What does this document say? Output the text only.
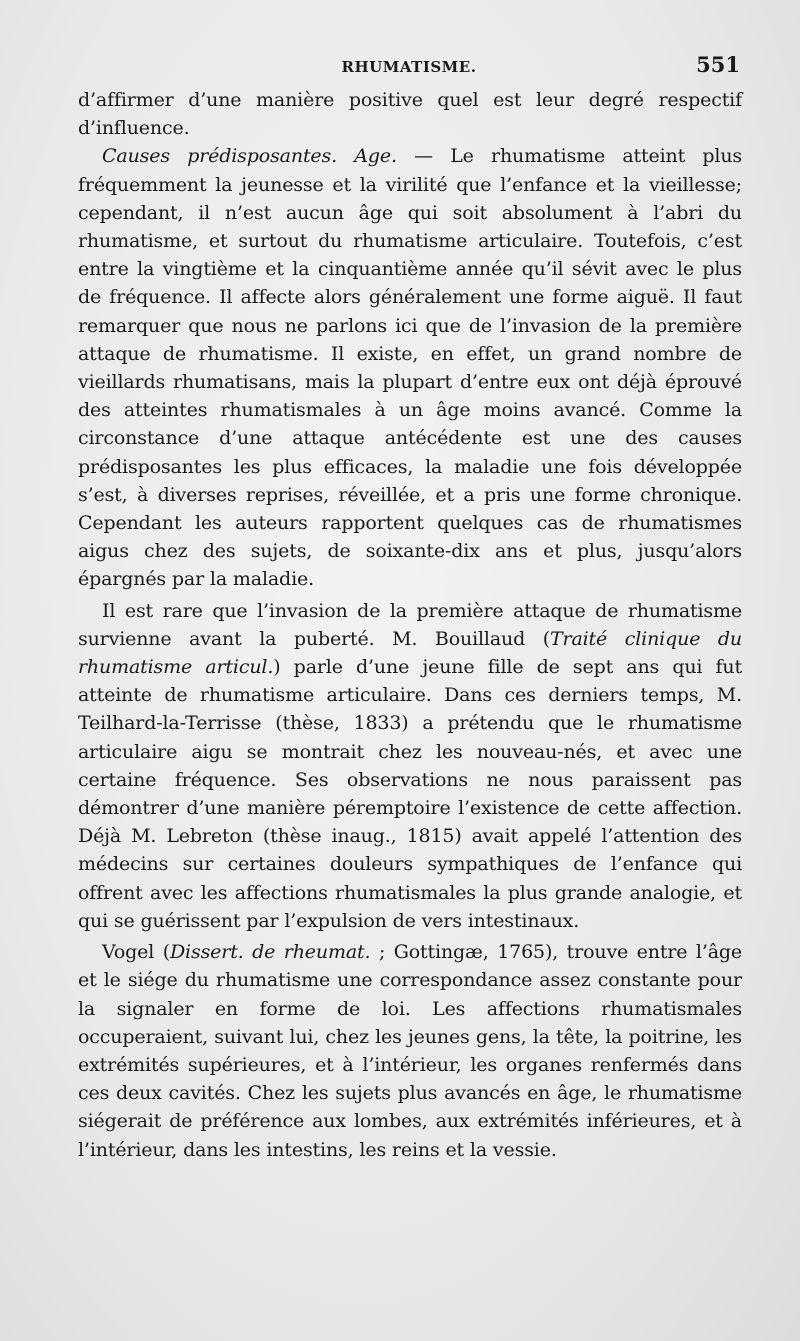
RHUMATISME.	551

d’affirmer d’une manière positive quel est leur degré respectif d’influence.

Causes prédisposantes. Age. — Le rhumatisme atteint plus fréquemment la jeunesse et la virilité que l’enfance et la vieillesse; cependant, il n’est aucun âge qui soit absolument à l’abri du rhumatisme, et surtout du rhumatisme articulaire. Toutefois, c’est entre la vingtième et la cinquantième année qu’il sévit avec le plus de fréquence. Il affecte alors généralement une forme aiguë. Il faut remarquer que nous ne parlons ici que de l’invasion de la première attaque de rhumatisme. Il existe, en effet, un grand nombre de vieillards rhumatisans, mais la plupart d’entre eux ont déjà éprouvé des atteintes rhumatismales à un âge moins avancé. Comme la circonstance d’une attaque antécédente est une des causes prédisposantes les plus efficaces, la maladie une fois développée s’est, à diverses reprises, réveillée, et a pris une forme chronique. Cependant les auteurs rapportent quelques cas de rhumatismes aigus chez des sujets, de soixante-dix ans et plus, jusqu’alors épargnés par la maladie.

Il est rare que l’invasion de la première attaque de rhumatisme survienne avant la puberté. M. Bouillaud (Traité clinique du rhumatisme articul.) parle d’une jeune fille de sept ans qui fut atteinte de rhumatisme articulaire. Dans ces derniers temps, M. Teilhard-la-Terrisse (thèse, 1833) a prétendu que le rhumatisme articulaire aigu se montrait chez les nouveau-nés, et avec une certaine fréquence. Ses observations ne nous paraissent pas démontrer d’une manière péremptoire l’existence de cette affection. Déjà M. Lebreton (thèse inaug., 1815) avait appelé l’attention des médecins sur certaines douleurs sympathiques de l’enfance qui offrent avec les affections rhumatismales la plus grande analogie, et qui se guérissent par l’expulsion de vers intestinaux.

Vogel (Dissert. de rheumat. ; Gottingæ, 1765), trouve entre l’âge et le siége du rhumatisme une correspondance assez constante pour la signaler en forme de loi. Les affections rhumatismales occuperaient, suivant lui, chez les jeunes gens, la tête, la poitrine, les extrémités supérieures, et à l’intérieur, les organes renfermés dans ces deux cavités. Chez les sujets plus avancés en âge, le rhumatisme siégerait de préférence aux lombes, aux extrémités inférieures, et à l’intérieur, dans les intestins, les reins et la vessie.
